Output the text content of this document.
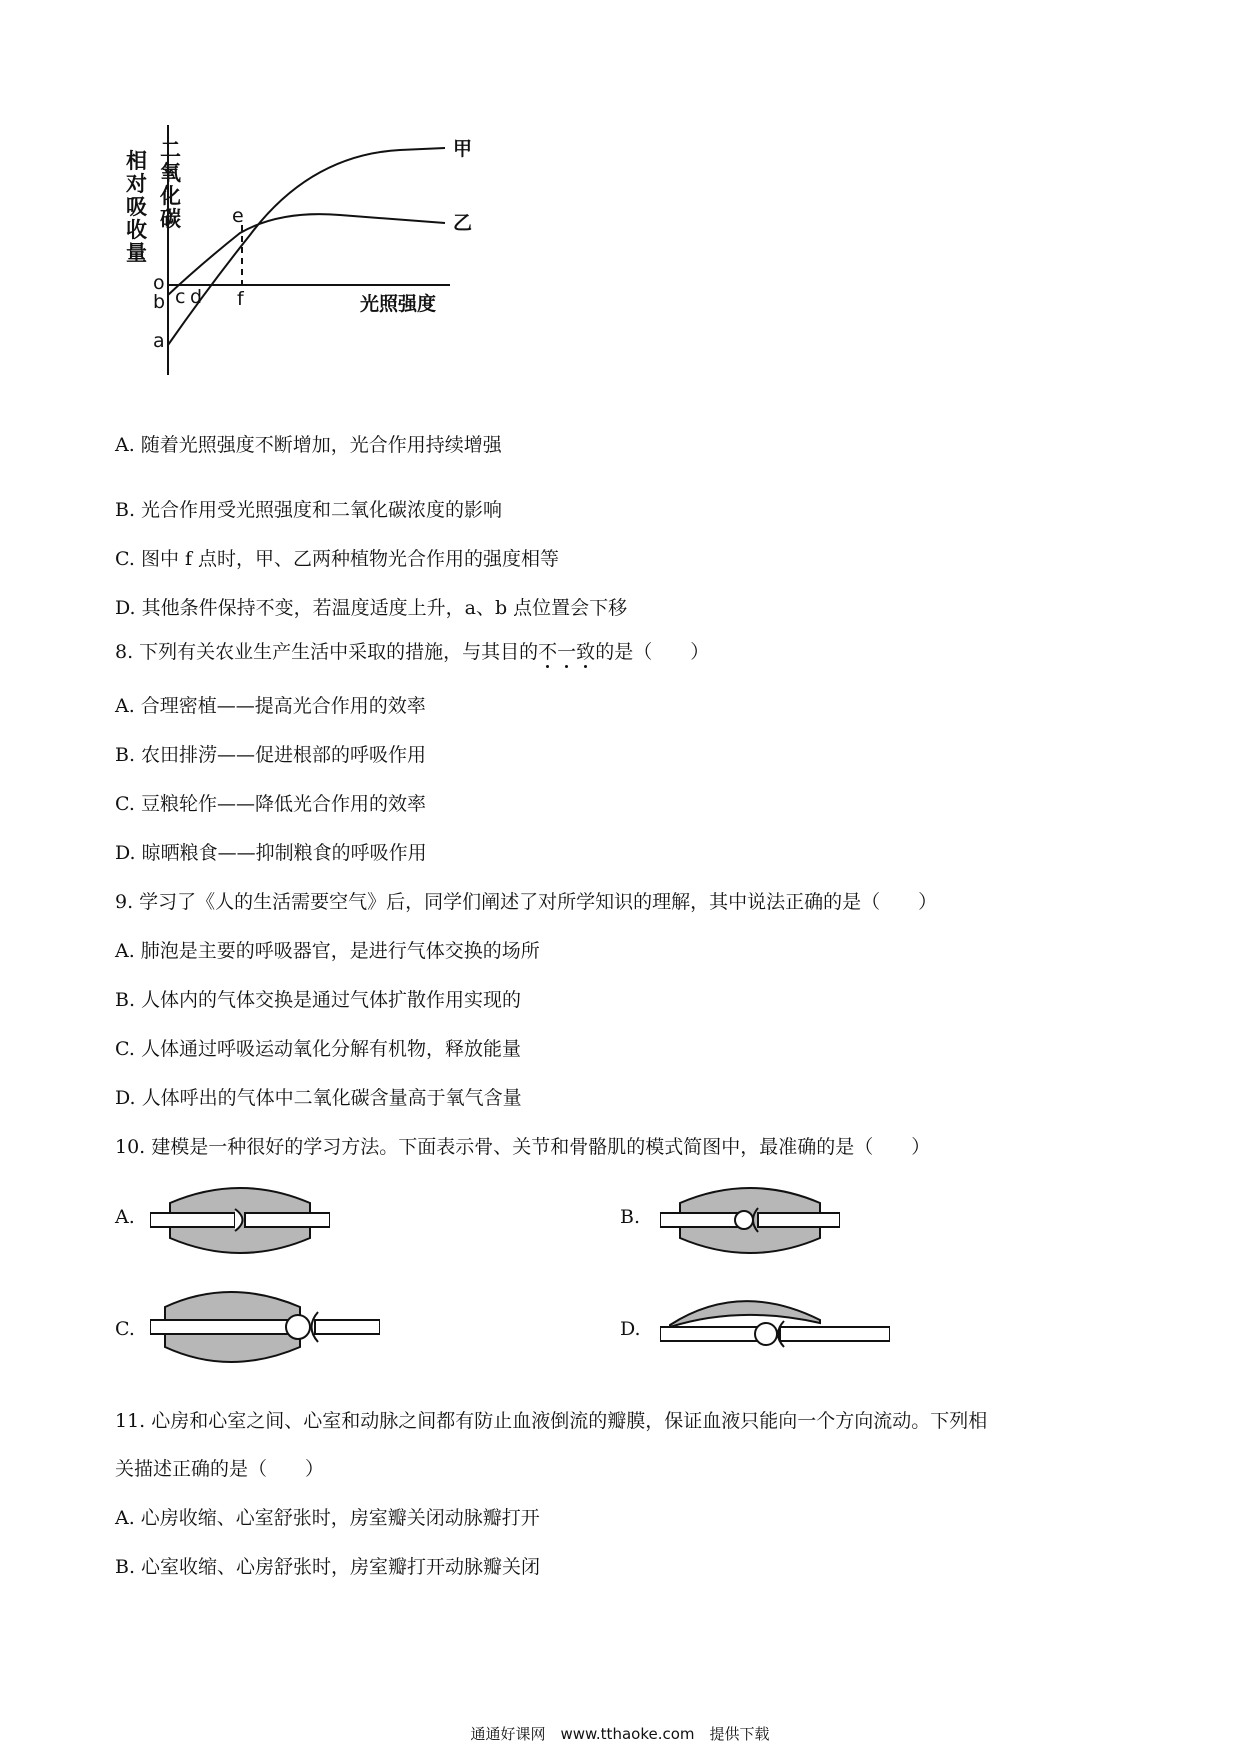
二
氧
化
碳
相
对
吸
收
量
甲
乙
o
b
a
c d
e
f	光照强度
A. 随着光照强度不断增加，光合作用持续增强
B. 光合作用受光照强度和二氧化碳浓度的影响
C. 图中 f 点时，甲、乙两种植物光合作用的强度相等
D. 其他条件保持不变，若温度适度上升，a、b 点位置会下移
8. 下列有关农业生产生活中采取的措施，与其目的不一致
的是（　　）
A. 合理密植——提高光合作用的效率
B. 农田排涝——促进根部的呼吸作用
C. 豆粮轮作——降低光合作用的效率
D. 晾晒粮食——抑制粮食的呼吸作用
9. 学习了《人的生活需要空气》后，同学们阐述了对所学知识的理解，其中说法正确的是（　　）
A. 肺泡是主要的呼吸器官，是进行气体交换的场所
B. 人体内的气体交换是通过气体扩散作用实现的
C. 人体通过呼吸运动氧化分解有机物，释放能量
D. 人体呼出的气体中二氧化碳含量高于氧气含量
10. 建模是一种很好的学习方法。下面表示骨、关节和骨骼肌的模式简图中，最准确的是（　　）
A.	B.
C.	D.
11. 心房和心室之间、心室和动脉之间都有防止血液倒流的瓣膜，保证血液只能向一个方向流动。下列相
关描述正确的是（　　）
A. 心房收缩、心室舒张时，房室瓣关闭动脉瓣打开
B. 心室收缩、心房舒张时，房室瓣打开动脉瓣关闭
通通好课网　www.tthaoke.com　提供下载
